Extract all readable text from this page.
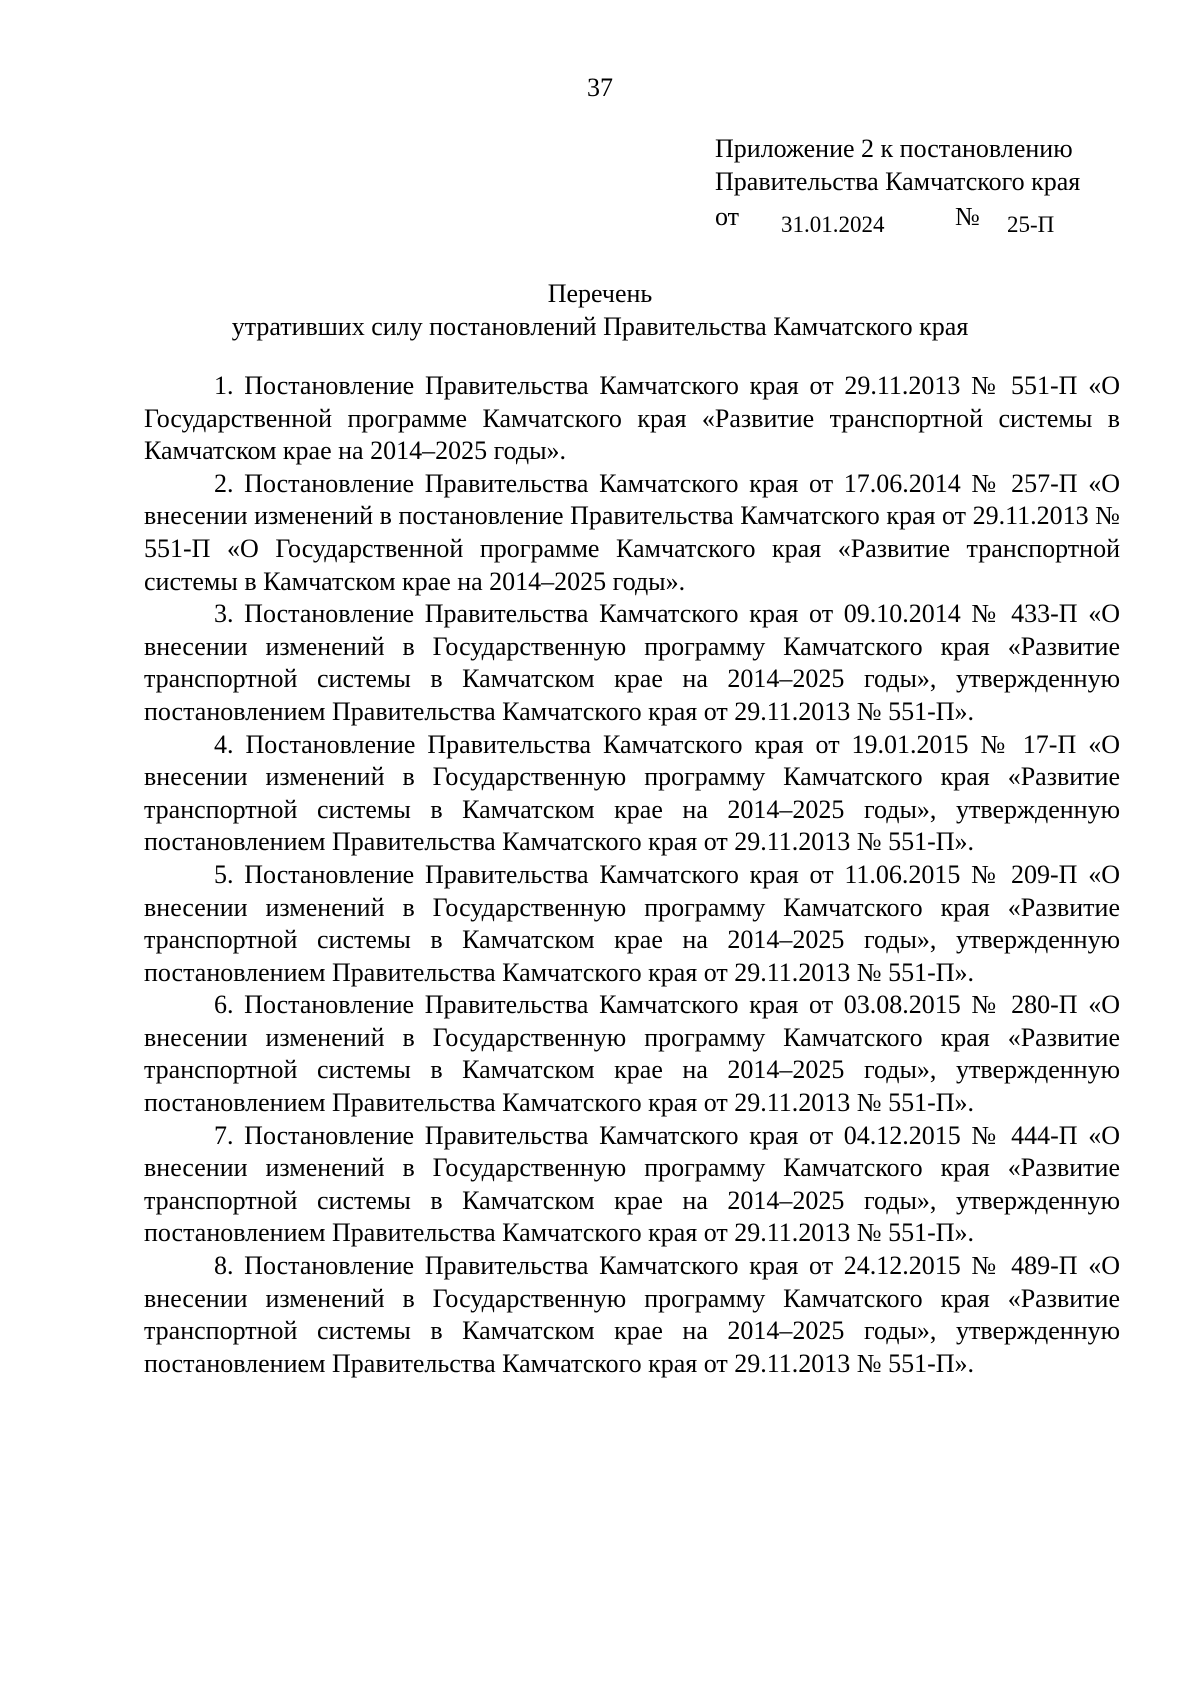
37
Приложение 2 к постановлению
Правительства Камчатского края
от 31.01.2024	№ 25-П
Перечень
утративших силу постановлений Правительства Камчатского края

1. Постановление Правительства Камчатского края от 29.11.2013 № 551-П «О Государственной программе Камчатского края «Развитие транспортной системы в Камчатском крае на 2014–2025 годы».

2. Постановление Правительства Камчатского края от 17.06.2014 № 257-П «О внесении изменений в постановление Правительства Камчатского края от 29.11.2013 № 551-П «О Государственной программе Камчатского края «Развитие транспортной системы в Камчатском крае на 2014–2025 годы».

3. Постановление Правительства Камчатского края от 09.10.2014 № 433-П «О внесении изменений в Государственную программу Камчатского края «Развитие транспортной системы в Камчатском крае на 2014–2025 годы», утвержденную постановлением Правительства Камчатского края от 29.11.2013 № 551-П».

4. Постановление Правительства Камчатского края от 19.01.2015 № 17-П «О внесении изменений в Государственную программу Камчатского края «Развитие транспортной системы в Камчатском крае на 2014–2025 годы», утвержденную постановлением Правительства Камчатского края от 29.11.2013 № 551-П».

5. Постановление Правительства Камчатского края от 11.06.2015 № 209-П «О внесении изменений в Государственную программу Камчатского края «Развитие транспортной системы в Камчатском крае на 2014–2025 годы», утвержденную постановлением Правительства Камчатского края от 29.11.2013 № 551-П».

6. Постановление Правительства Камчатского края от 03.08.2015 № 280-П «О внесении изменений в Государственную программу Камчатского края «Развитие транспортной системы в Камчатском крае на 2014–2025 годы», утвержденную постановлением Правительства Камчатского края от 29.11.2013 № 551-П».

7. Постановление Правительства Камчатского края от 04.12.2015 № 444-П «О внесении изменений в Государственную программу Камчатского края «Развитие транспортной системы в Камчатском крае на 2014–2025 годы», утвержденную постановлением Правительства Камчатского края от 29.11.2013 № 551-П».

8. Постановление Правительства Камчатского края от 24.12.2015 № 489-П «О внесении изменений в Государственную программу Камчатского края «Развитие транспортной системы в Камчатском крае на 2014–2025 годы», утвержденную постановлением Правительства Камчатского края от 29.11.2013 № 551-П».
